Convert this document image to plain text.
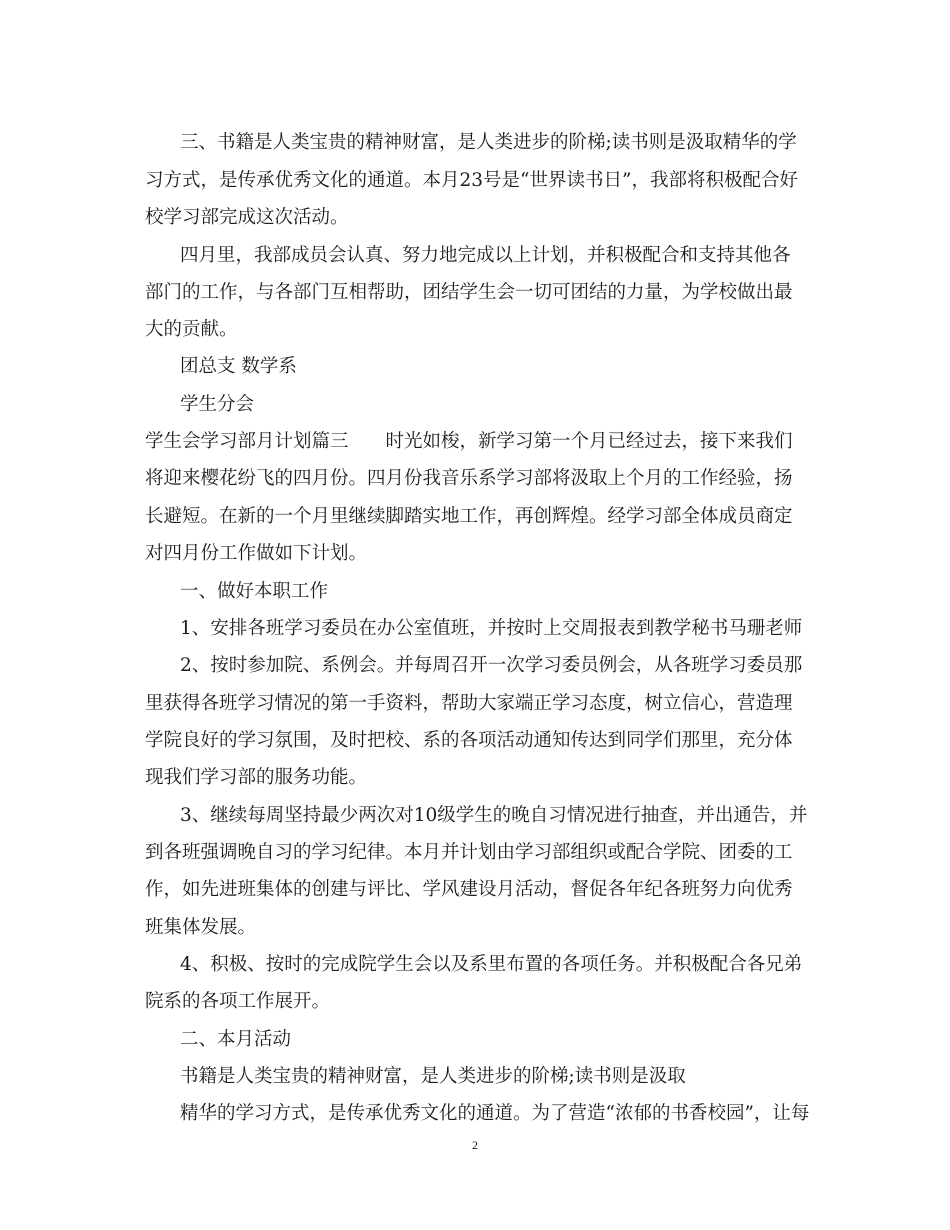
三、书籍是人类宝贵的精神财富，是人类进步的阶梯;读书则是汲取精华的学
习方式，是传承优秀文化的通道。本月23号是“世界读书日”，我部将积极配合好
校学习部完成这次活动。
四月里，我部成员会认真、努力地完成以上计划，并积极配合和支持其他各
部门的工作，与各部门互相帮助，团结学生会一切可团结的力量，为学校做出最
大的贡献。
团总支 数学系
学生分会
学生会学习部月计划篇三　　时光如梭，新学习第一个月已经过去，接下来我们
将迎来樱花纷飞的四月份。四月份我音乐系学习部将汲取上个月的工作经验，扬
长避短。在新的一个月里继续脚踏实地工作，再创辉煌。经学习部全体成员商定
对四月份工作做如下计划。
一、做好本职工作
1、安排各班学习委员在办公室值班，并按时上交周报表到教学秘书马珊老师
2、按时参加院、系例会。并每周召开一次学习委员例会，从各班学习委员那
里获得各班学习情况的第一手资料，帮助大家端正学习态度，树立信心，营造理
学院良好的学习氛围，及时把校、系的各项活动通知传达到同学们那里，充分体
现我们学习部的服务功能。
3、继续每周坚持最少两次对10级学生的晚自习情况进行抽查，并出通告，并
到各班强调晚自习的学习纪律。本月并计划由学习部组织或配合学院、团委的工
作，如先进班集体的创建与评比、学风建设月活动，督促各年纪各班努力向优秀
班集体发展。
4、积极、按时的完成院学生会以及系里布置的各项任务。并积极配合各兄弟
院系的各项工作展开。
二、本月活动
书籍是人类宝贵的精神财富，是人类进步的阶梯;读书则是汲取
精华的学习方式，是传承优秀文化的通道。为了营造“浓郁的书香校园”，让每
2
